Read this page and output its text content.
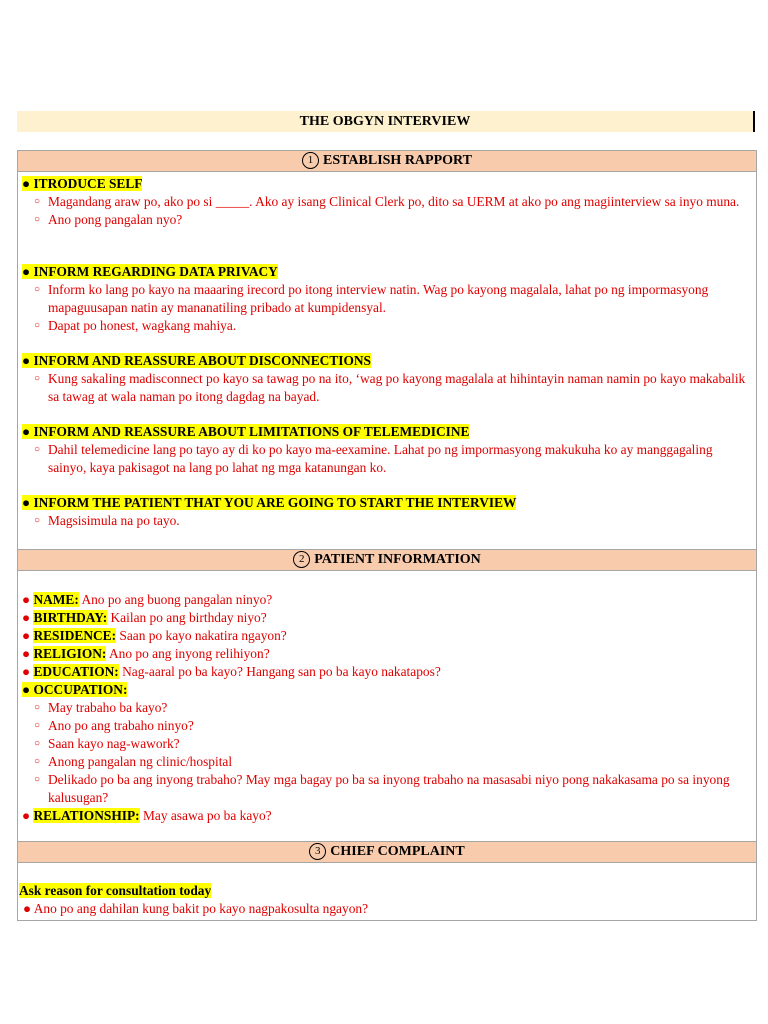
THE OBGYN INTERVIEW
1 ESTABLISH RAPPORT
● ITRODUCE SELF
○ Magandang araw po, ako po si _____. Ako ay isang Clinical Clerk po, dito sa UERM at ako po ang magiinterview sa inyo muna.
○ Ano pong pangalan nyo?
● INFORM REGARDING DATA PRIVACY
○ Inform ko lang po kayo na maaaring irecord po itong interview natin. Wag po kayong magalala, lahat po ng impormasyong mapaguusapan natin ay mananatiling pribado at kumpidensyal.
○ Dapat po honest, wagkang mahiya.
● INFORM AND REASSURE ABOUT DISCONNECTIONS
○ Kung sakaling madisconnect po kayo sa tawag po na ito, ‘wag po kayong magalala at hihintayin naman namin po kayo makabalik sa tawag at wala naman po itong dagdag na bayad.
● INFORM AND REASSURE ABOUT LIMITATIONS OF TELEMEDICINE
○ Dahil telemedicine lang po tayo ay di ko po kayo ma-eexamine. Lahat po ng impormasyong makukuha ko ay manggagaling sainyo, kaya pakisagot na lang po lahat ng mga katanungan ko.
● INFORM THE PATIENT THAT YOU ARE GOING TO START THE INTERVIEW
○ Magsisimula na po tayo.
2 PATIENT INFORMATION
● NAME: Ano po ang buong pangalan ninyo?
● BIRTHDAY: Kailan po ang birthday niyo?
● RESIDENCE: Saan po kayo nakatira ngayon?
● RELIGION: Ano po ang inyong relihiyon?
● EDUCATION: Nag-aaral po ba kayo? Hangang san po ba kayo nakatapos?
● OCCUPATION:
○ May trabaho ba kayo?
○ Ano po ang trabaho ninyo?
○ Saan kayo nag-wawork?
○ Anong pangalan ng clinic/hospital
○ Delikado po ba ang inyong trabaho? May mga bagay po ba sa inyong trabaho na masasabi niyo pong nakakasama po sa inyong kalusugan?
● RELATIONSHIP: May asawa po ba kayo?
3 CHIEF COMPLAINT
Ask reason for consultation today
● Ano po ang dahilan kung bakit po kayo nagpakosulta ngayon?
